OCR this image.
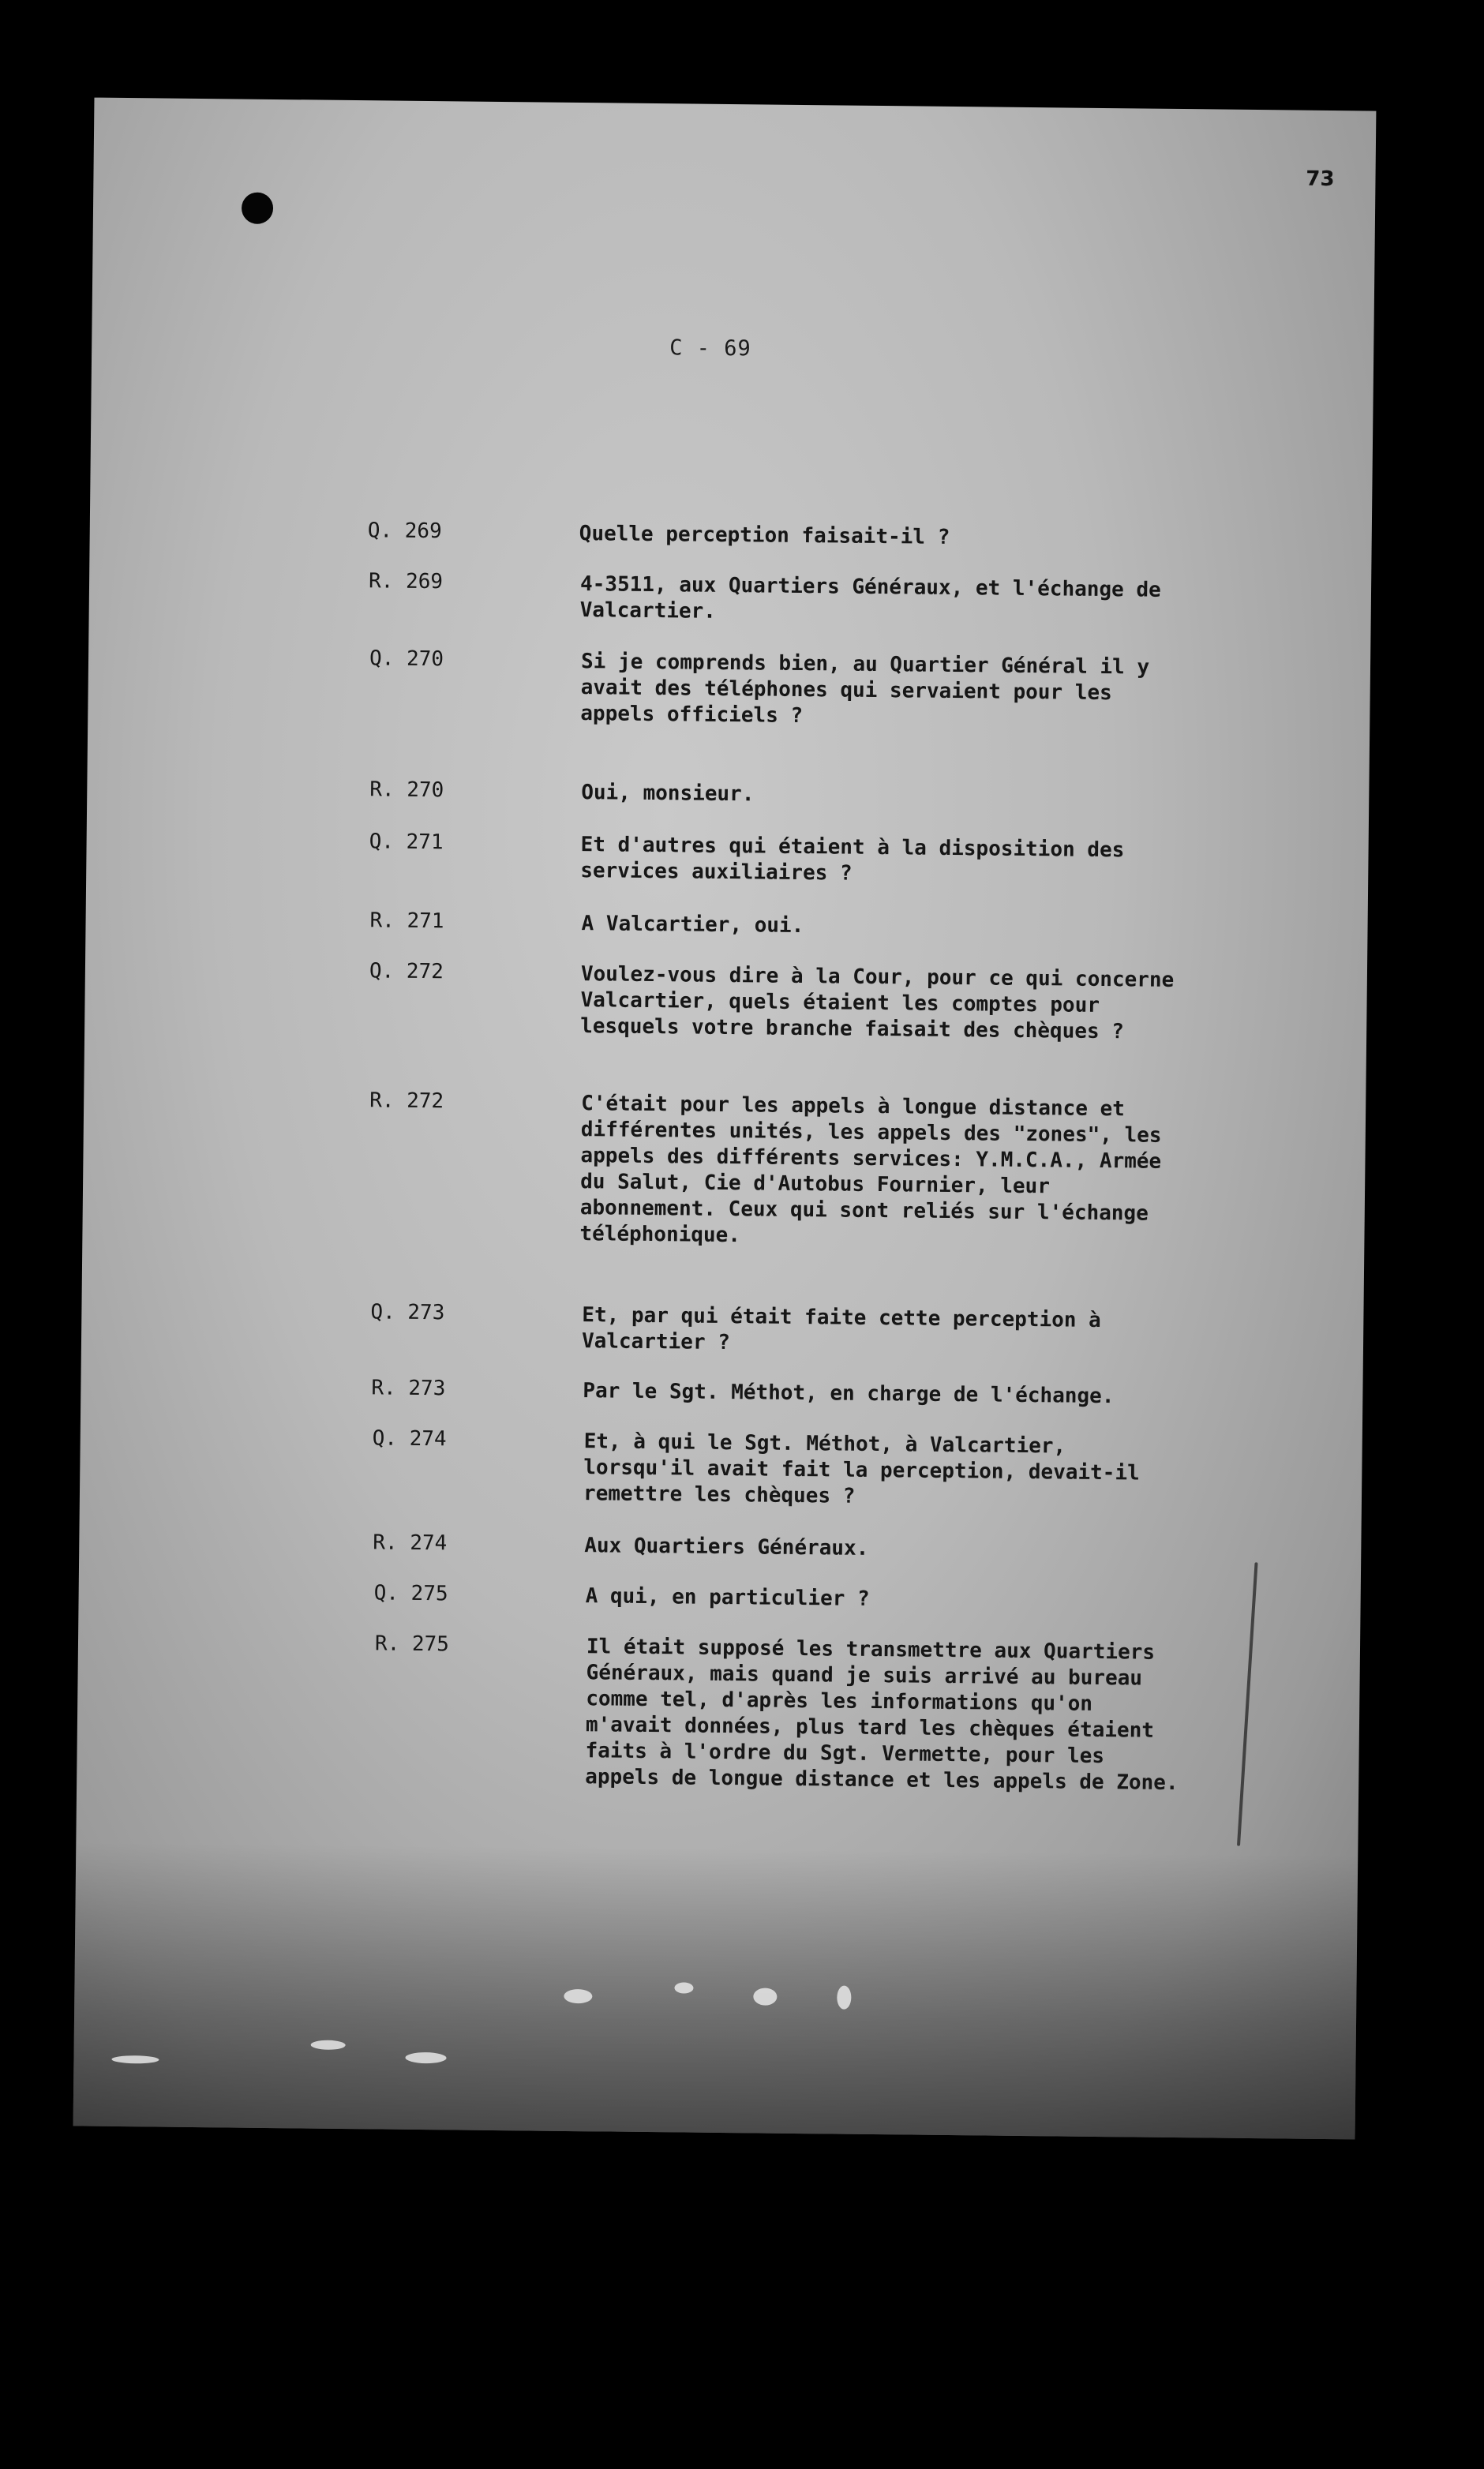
73
C - 69
Q. 269	Quelle perception faisait-il ?
R. 269	4-3511, aux Quartiers Généraux, et l'échange de Valcartier.
Q. 270	Si je comprends bien, au Quartier Général il y avait des téléphones qui servaient pour les appels officiels ?
R. 270	Oui, monsieur.
Q. 271	Et d'autres qui étaient à la disposition des services auxiliaires ?
R. 271	A Valcartier, oui.
Q. 272	Voulez-vous dire à la Cour, pour ce qui concerne Valcartier, quels étaient les comptes pour lesquels votre branche faisait des chèques ?
R. 272	C'était pour les appels à longue distance et différentes unités, les appels des "zones", les appels des différents services: Y.M.C.A., Armée du Salut, Cie d'Autobus Fournier, leur abonnement. Ceux qui sont reliés sur l'échange téléphonique.
Q. 273	Et, par qui était faite cette perception à Valcartier ?
R. 273	Par le Sgt. Méthot, en charge de l'échange.
Q. 274	Et, à qui le Sgt. Méthot, à Valcartier, lorsqu'il avait fait la perception, devait-il remettre les chèques ?
R. 274	Aux Quartiers Généraux.
Q. 275	A qui, en particulier ?
R. 275	Il était supposé les transmettre aux Quartiers Généraux, mais quand je suis arrivé au bureau comme tel, d'après les informations qu'on m'avait données, plus tard les chèques étaient faits à l'ordre du Sgt. Vermette, pour les appels de longue distance et les appels de Zone.
